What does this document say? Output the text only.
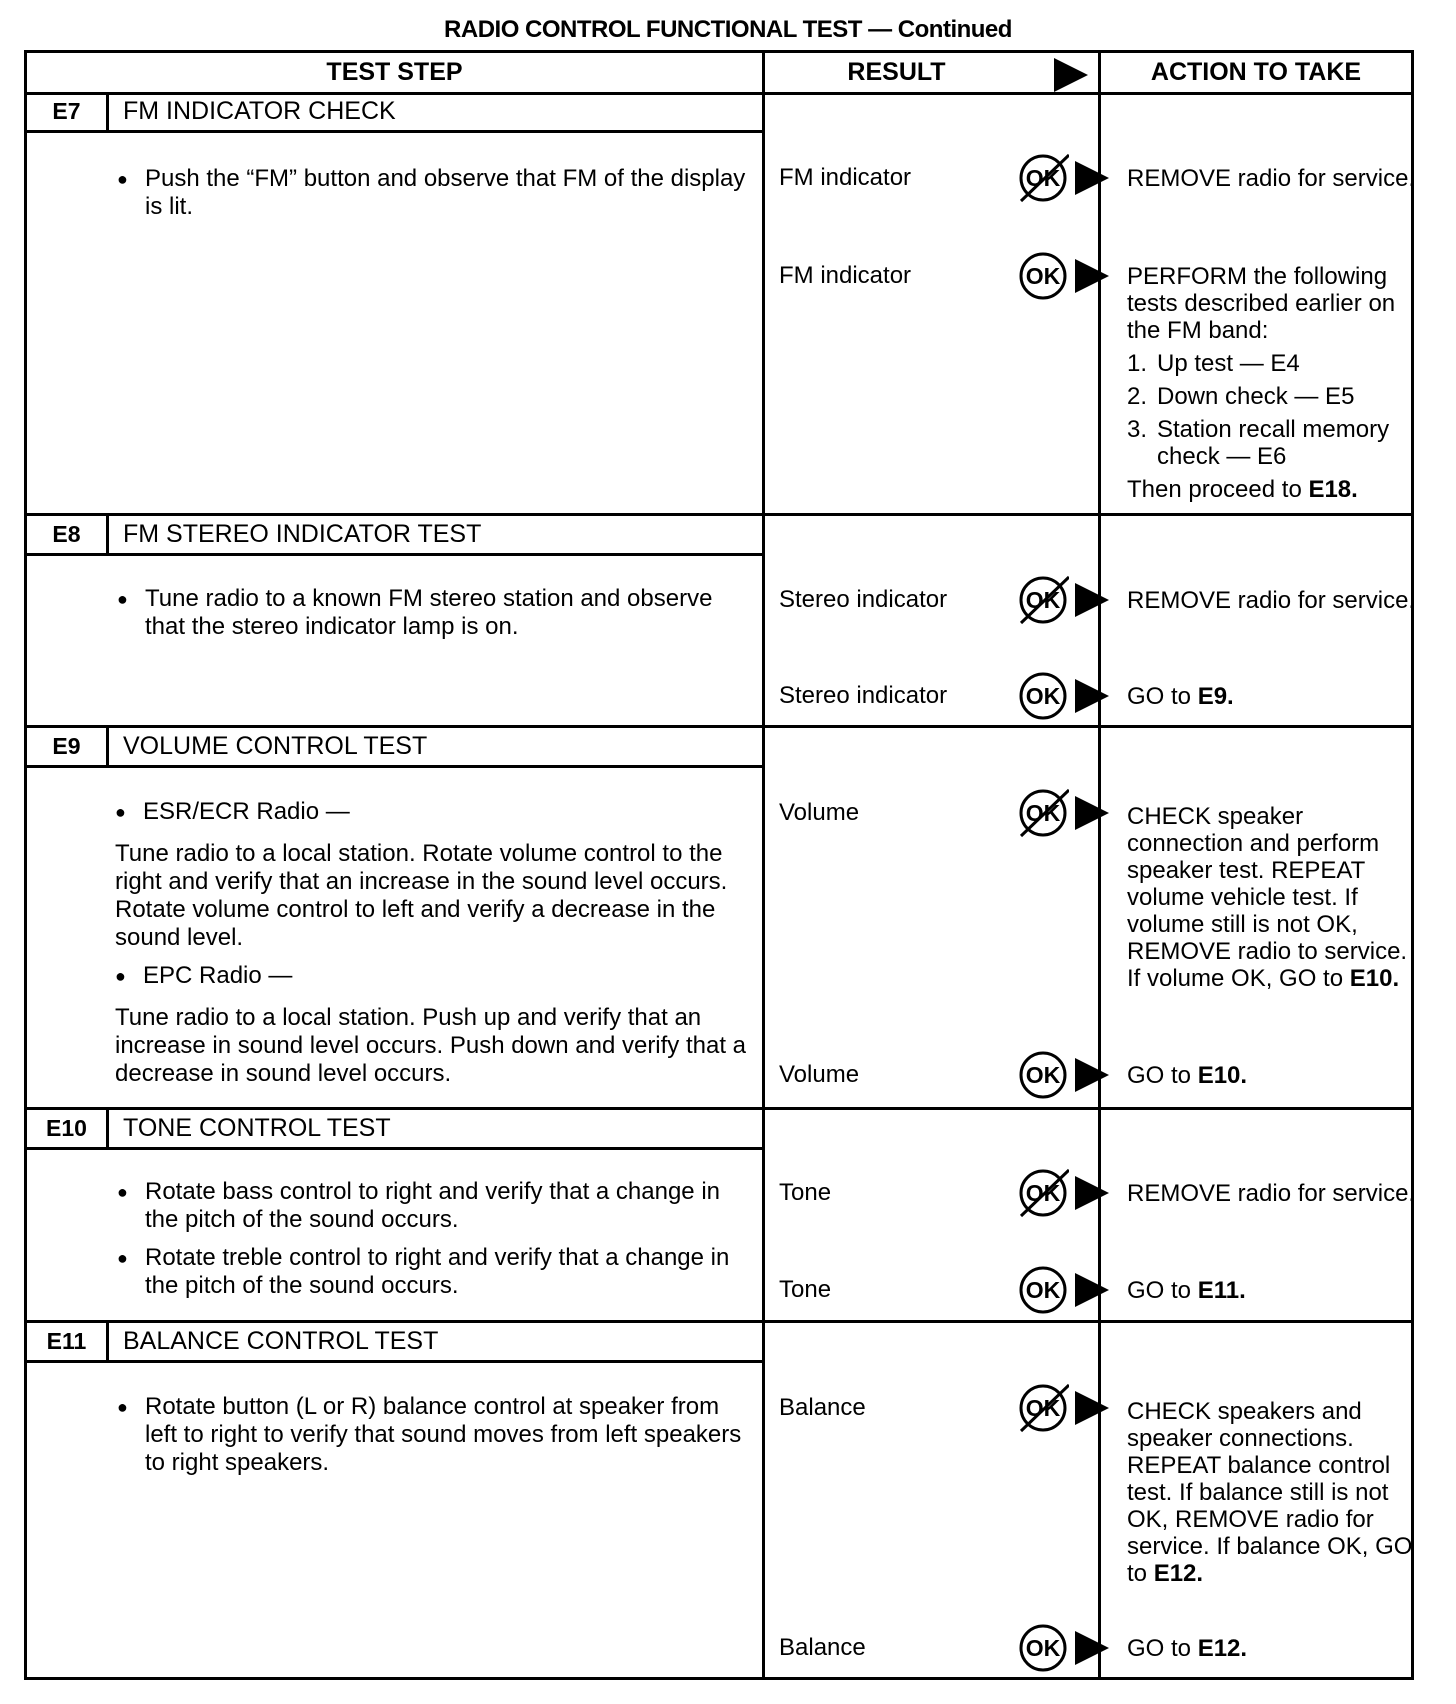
RADIO CONTROL FUNCTIONAL TEST — Continued
TEST STEP	RESULT	ACTION TO TAKE
E7	FM INDICATOR CHECK
● Push the “FM” button and observe that FM of the display is lit.
FM indicator	REMOVE radio for service.

FM indicator	PERFORM the following tests described earlier on the FM band:

1. Up test — E4
2. Down check — E5
3. Station recall memory check — E6

Then proceed to E18.

E8	FM STEREO INDICATOR TEST
● Tune radio to a known FM stereo station and observe that the stereo indicator lamp is on.
Stereo indicator	REMOVE radio for service.

Stereo indicator	GO to E9.

E9	VOLUME CONTROL TEST
● ESR/ECR Radio —

Tune radio to a local station. Rotate volume control to the right and verify that an increase in the sound level occurs. Rotate volume control to left and verify a decrease in the sound level.

● EPC Radio —

Tune radio to a local station. Push up and verify that an increase in sound level occurs. Push down and verify that a decrease in sound level occurs.

Volume	CHECK speaker connection and perform speaker test. REPEAT volume vehicle test. If volume still is not OK, REMOVE radio to service. If volume OK, GO to E10.

Volume	GO to E10.

E10	TONE CONTROL TEST
● Rotate bass control to right and verify that a change in the pitch of the sound occurs.
● Rotate treble control to right and verify that a change in the pitch of the sound occurs.
Tone	REMOVE radio for service.

Tone	GO to E11.

E11	BALANCE CONTROL TEST
● Rotate button (L or R) balance control at speaker from left to right to verify that sound moves from left speakers to right speakers.
Balance	CHECK speakers and speaker connections. REPEAT balance control test. If balance still is not OK, REMOVE radio for service. If balance OK, GO to E12.

Balance	GO to E12.
